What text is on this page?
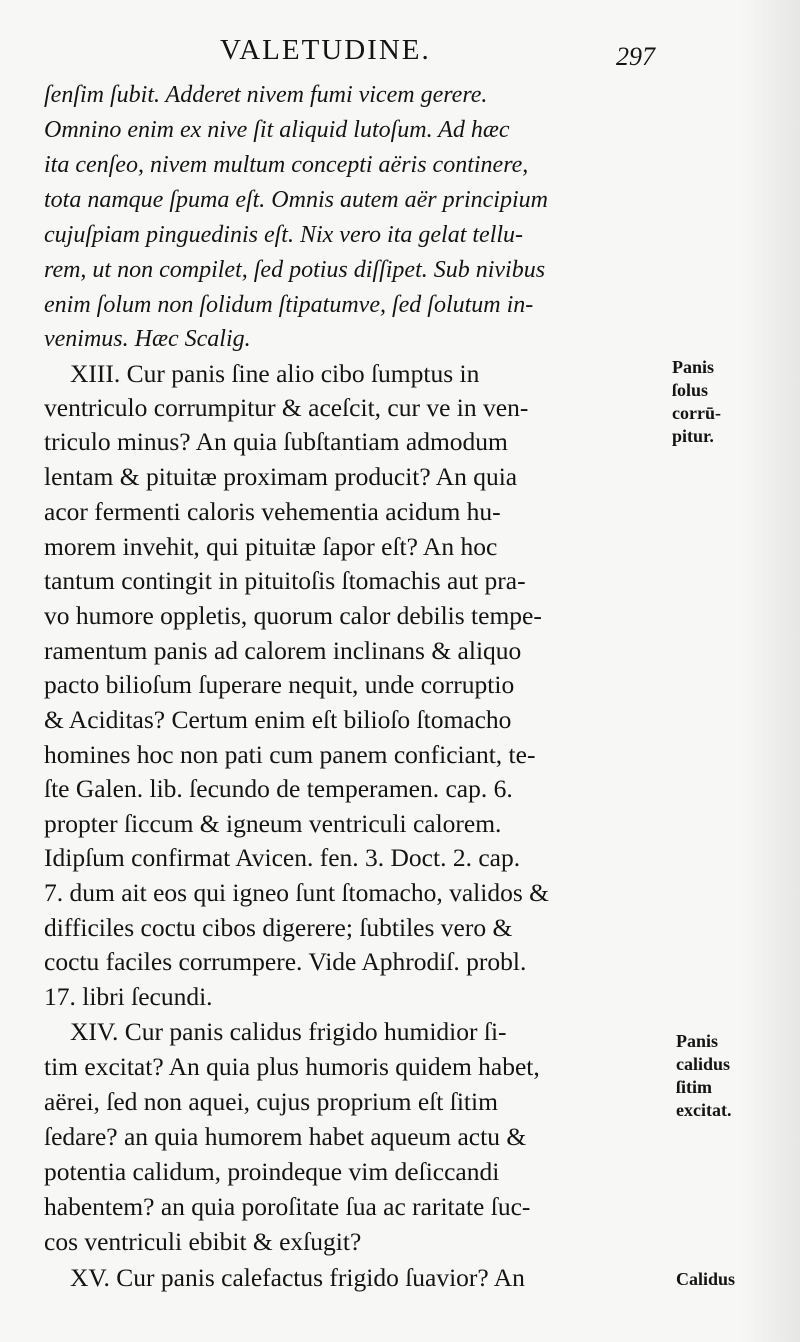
VALETUDINE.	297
ſenſim ſubit. Adderet nivem fumi vicem gerere.
Omnino enim ex nive ſit aliquid lutoſum. Ad hæc
ita cenſeo, nivem multum concepti aëris continere,
tota namque ſpuma eſt. Omnis autem aër principium
cujuſpiam pinguedinis eſt. Nix vero ita gelat tellu-
rem, ut non compilet, ſed potius diſſipet. Sub nivibus
enim ſolum non ſolidum ſtipatumve, ſed ſolutum in-
venimus. Hæc Scalig.
XIII. Cur panis ſine alio cibo ſumptus in
ventriculo corrumpitur & aceſcit, cur ve in ven-
triculo minus? An quia ſubſtantiam admodum
lentam & pituitæ proximam producit? An quia
acor fermenti caloris vehementia acidum hu-
morem invehit, qui pituitæ ſapor eſt? An hoc
tantum contingit in pituitoſis ſtomachis aut pra-
vo humore oppletis, quorum calor debilis tempe-
ramentum panis ad calorem inclinans & aliquo
pacto bilioſum ſuperare nequit, unde corruptio
& Aciditas? Certum enim eſt bilioſo ſtomacho
homines hoc non pati cum panem conficiant, te-
ſte Galen. lib. ſecundo de temperamen. cap. 6.
propter ſiccum & igneum ventriculi calorem.
Idipſum confirmat Avicen. fen. 3. Doct. 2. cap.
7. dum ait eos qui igneo ſunt ſtomacho, validos &
difficiles coctu cibos digerere; ſubtiles vero &
coctu faciles corrumpere. Vide Aphrodiſ. probl.
17. libri ſecundi.
XIV. Cur panis calidus frigido humidior ſi-
tim excitat? An quia plus humoris quidem habet,
aërei, ſed non aquei, cujus proprium eſt ſitim
ſedare? an quia humorem habet aqueum actu &
potentia calidum, proindeque vim deſiccandi
habentem? an quia poroſitate ſua ac raritate ſuc-
cos ventriculi ebibit & exſugit?
XV. Cur panis calefactus frigido ſuavior? An
Panis
ſolus
corrū-
pitur.
Panis
calidus
ſitim
excitat.
Calidus
